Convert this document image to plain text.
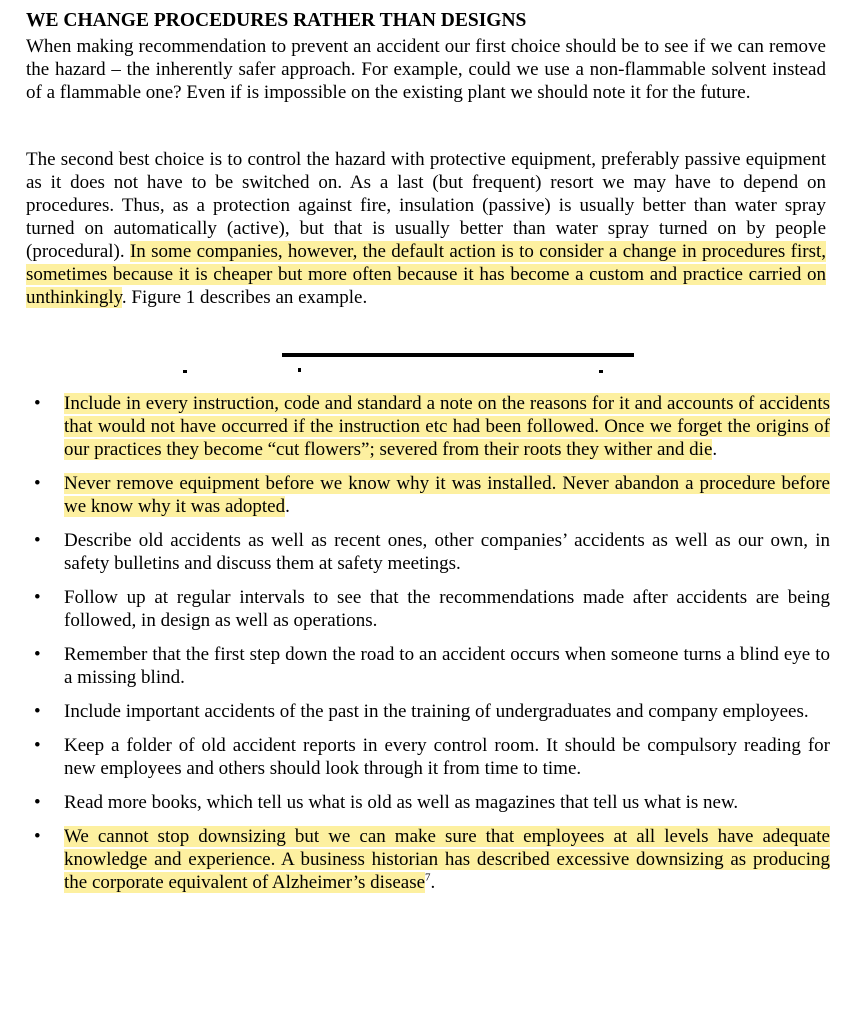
WE CHANGE PROCEDURES RATHER THAN DESIGNS

When making recommendation to prevent an accident our first choice should be to see if we can remove the hazard – the inherently safer approach. For example, could we use a non-flammable solvent instead of a flammable one? Even if is impossible on the existing plant we should note it for the future.

The second best choice is to control the hazard with protective equipment, preferably passive equipment as it does not have to be switched on. As a last (but frequent) resort we may have to depend on procedures. Thus, as a protection against fire, insulation (passive) is usually better than water spray turned on automatically (active), but that is usually better than water spray turned on by people (procedural). In some companies, however, the default action is to consider a change in procedures first, sometimes because it is cheaper but more often because it has become a custom and practice carried on unthinkingly. Figure 1 describes an example.

• Include in every instruction, code and standard a note on the reasons for it and accounts of accidents that would not have occurred if the instruction etc had been followed. Once we forget the origins of our practices they become “cut flowers”; severed from their roots they wither and die.
• Never remove equipment before we know why it was installed. Never abandon a procedure before we know why it was adopted.
• Describe old accidents as well as recent ones, other companies’ accidents as well as our own, in safety bulletins and discuss them at safety meetings.
• Follow up at regular intervals to see that the recommendations made after accidents are being followed, in design as well as operations.
• Remember that the first step down the road to an accident occurs when someone turns a blind eye to a missing blind.
• Include important accidents of the past in the training of undergraduates and company employees.
• Keep a folder of old accident reports in every control room. It should be compulsory reading for new employees and others should look through it from time to time.
• Read more books, which tell us what is old as well as magazines that tell us what is new.
• We cannot stop downsizing but we can make sure that employees at all levels have adequate knowledge and experience. A business historian has described excessive downsizing as producing the corporate equivalent of Alzheimer’s disease$^7$.
